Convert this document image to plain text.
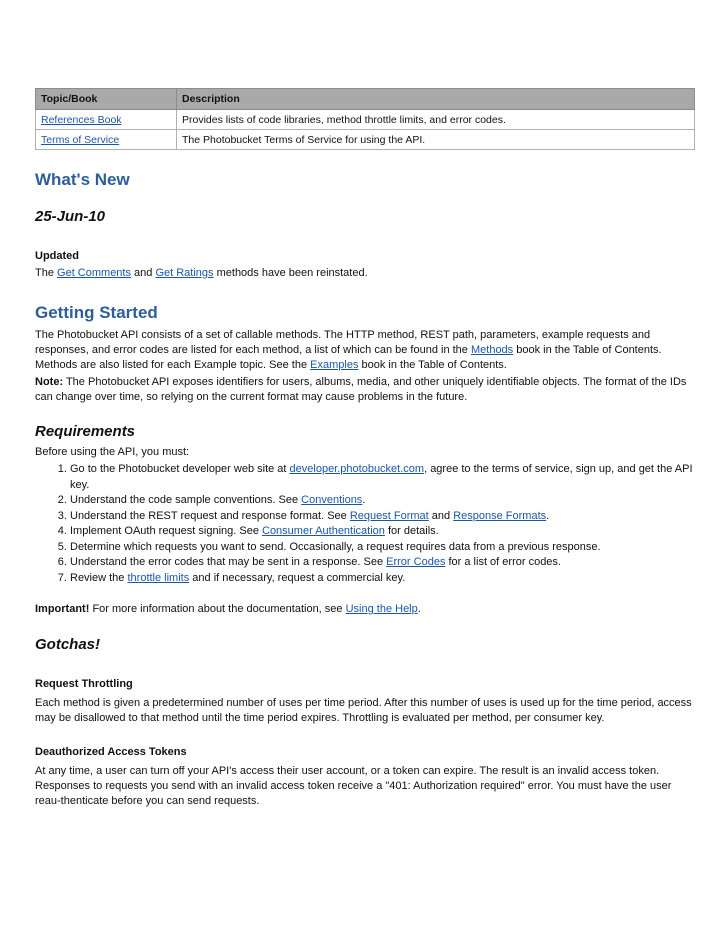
Topic/Book	Description
References Book	Provides lists of code libraries, method throttle limits, and error codes.
Terms of Service	The Photobucket Terms of Service for using the API.
What's New
25-Jun-10
Updated

The Get Comments and Get Ratings methods have been reinstated.

Getting Started

The Photobucket API consists of a set of callable methods. The HTTP method, REST path, parameters, example requests and responses, and error codes are listed for each method, a list of which can be found in the Methods book in the Table of Contents. Methods are also listed for each Example topic. See the Examples book in the Table of Contents.

Note: The Photobucket API exposes identifiers for users, albums, media, and other uniquely identifiable objects. The format of the IDs can change over time, so relying on the current format may cause problems in the future.

Requirements

Before using the API, you must:

1. Go to the Photobucket developer web site at developer.photobucket.com, agree to the terms of service, sign up, and get the API key.
2. Understand the code sample conventions. See Conventions.
3. Understand the REST request and response format. See Request Format and Response Formats.
4. Implement OAuth request signing. See Consumer Authentication for details.
5. Determine which requests you want to send. Occasionally, a request requires data from a previous response.
6. Understand the error codes that may be sent in a response. See Error Codes for a list of error codes.
7. Review the throttle limits and if necessary, request a commercial key.

Important! For more information about the documentation, see Using the Help.

Gotchas!
Request Throttling

Each method is given a predetermined number of uses per time period. After this number of uses is used up for the time period, access may be disallowed to that method until the time period expires. Throttling is evaluated per method, per consumer key.

Deauthorized Access Tokens

At any time, a user can turn off your API's access their user account, or a token can expire. The result is an invalid access token. Responses to requests you send with an invalid access token receive a "401: Authorization required" error. You must have the user reau-thenticate before you can send requests.
